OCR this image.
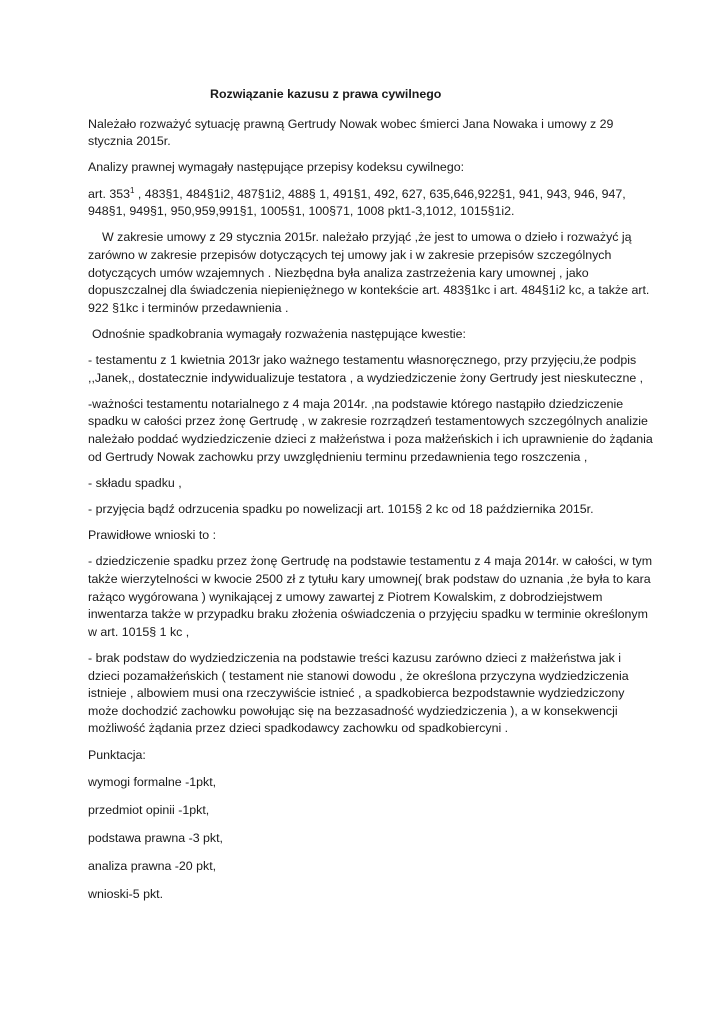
Rozwiązanie kazusu z prawa cywilnego

Należało rozważyć sytuację prawną Gertrudy Nowak wobec śmierci Jana Nowaka i umowy z 29 stycznia 2015r.

Analizy prawnej wymagały następujące przepisy kodeksu cywilnego:

art. $353^1$ , 483§1, 484§1i2, 487§1i2, 488§ 1, 491§1, 492, 627, 635,646,922§1, 941, 943, 946, 947, 948§1, 949§1, 950,959,991§1, 1005§1, 100§71, 1008 pkt1-3,1012, 1015§1i2.

W zakresie umowy z 29 stycznia 2015r. należało przyjąć ,że jest to umowa o dzieło i rozważyć ją zarówno w zakresie przepisów dotyczących tej umowy jak i w zakresie przepisów szczególnych dotyczących umów wzajemnych . Niezbędna była analiza zastrzeżenia kary umownej , jako dopuszczalnej dla świadczenia niepieniężnego w kontekście art. 483§1kc i art. 484§1i2 kc, a także art. 922 §1kc i terminów przedawnienia .

Odnośnie spadkobrania wymagały rozważenia następujące kwestie:

- testamentu z 1 kwietnia 2013r jako ważnego testamentu własnoręcznego, przy przyjęciu,że podpis ,,Janek,, dostatecznie indywidualizuje testatora , a wydziedziczenie żony Gertrudy jest nieskuteczne ,

-ważności testamentu notarialnego z 4 maja 2014r. ,na podstawie którego nastąpiło dziedziczenie spadku w całości przez żonę Gertrudę , w zakresie rozrządzeń testamentowych szczególnych analizie należało poddać wydziedziczenie dzieci z małżeństwa i poza małżeńskich i ich uprawnienie do żądania od Gertrudy Nowak zachowku przy uwzględnieniu terminu przedawnienia tego roszczenia ,

- składu spadku ,

- przyjęcia bądź odrzucenia spadku po nowelizacji art. 1015§ 2 kc od 18 października 2015r.

Prawidłowe wnioski to :

- dziedziczenie spadku przez żonę Gertrudę na podstawie testamentu z 4 maja 2014r. w całości, w tym także wierzytelności w kwocie 2500 zł z tytułu kary umownej( brak podstaw do uznania ,że była to kara rażąco wygórowana ) wynikającej z umowy zawartej z Piotrem Kowalskim, z dobrodziejstwem inwentarza także w przypadku braku złożenia oświadczenia o przyjęciu spadku w terminie określonym w art. 1015§ 1 kc ,

- brak podstaw do wydziedziczenia na podstawie treści kazusu zarówno dzieci z małżeństwa jak i dzieci pozamałżeńskich ( testament nie stanowi dowodu , że określona przyczyna wydziedziczenia istnieje , albowiem musi ona rzeczywiście istnieć , a spadkobierca bezpodstawnie wydziedziczony może dochodzić zachowku powołując się na bezzasadność wydziedziczenia ), a w konsekwencji możliwość żądania przez dzieci spadkodawcy zachowku od spadkobiercyni .

Punktacja:

wymogi formalne -1pkt,

przedmiot opinii -1pkt,

podstawa prawna -3 pkt,

analiza prawna -20 pkt,

wnioski-5 pkt.
